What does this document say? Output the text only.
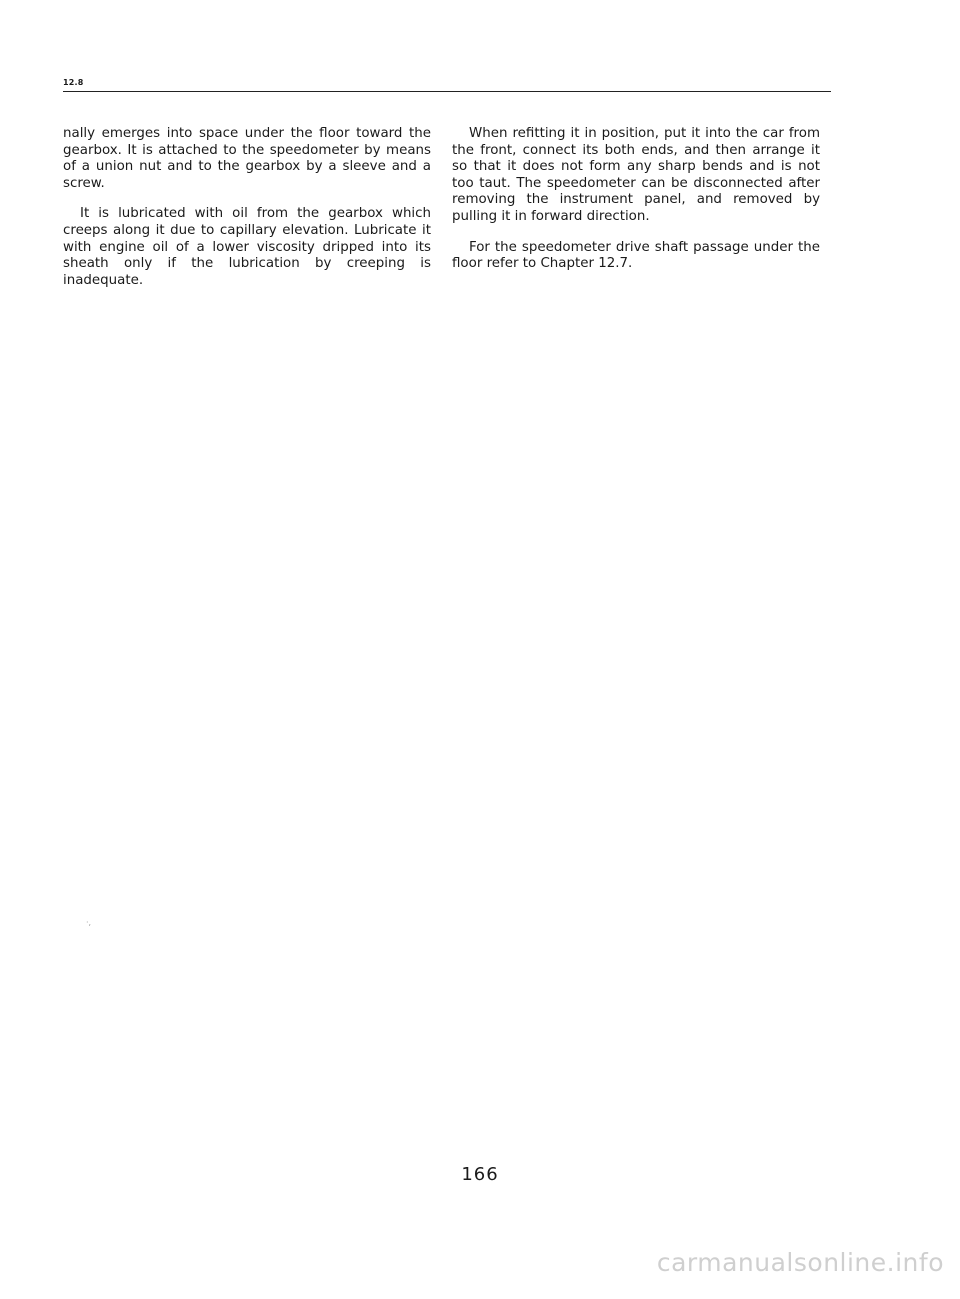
12.8

nally emerges into space under the floor toward the gearbox. It is attached to the speedometer by means of a union nut and to the gearbox by a sleeve and a screw.

It is lubricated with oil from the gearbox which creeps along it due to capillary elevation. Lubricate it with engine oil of a lower viscosity dripped into its sheath only if the lubrication by creeping is inadequate.

When refitting it in position, put it into the car from the front, connect its both ends, and then arrange it so that it does not form any sharp bends and is not too taut. The speedometer can be disconnected after removing the instrument panel, and removed by pulling it in forward direction.

For the speedometer drive shaft passage under the floor refer to Chapter 12.7.

·,
166
carmanualsonline.info
